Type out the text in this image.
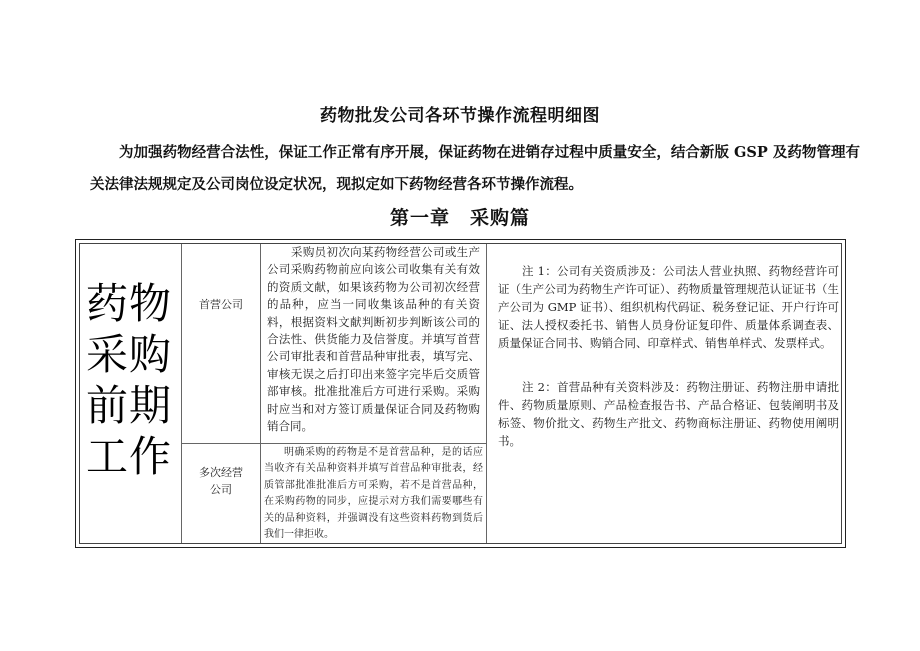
药物批发公司各环节操作流程明细图
为加强药物经营合法性，保证工作正常有序开展，保证药物在进销存过程中质量安全，结合新版 GSP 及药物管理有关法律法规规定及公司岗位设定状况，现拟定如下药物经营各环节操作流程。
第一章　采购篇
药物采购前期工作
首营公司
采购员初次向某药物经营公司或生产公司采购药物前应向该公司收集有关有效的资质文献，如果该药物为公司初次经营的品种，应当一同收集该品种的有关资料，根据资料文献判断初步判断该公司的合法性、供货能力及信誉度。并填写首营公司审批表和首营品种审批表，填写完、审核无误之后打印出来签字完毕后交质管部审核。批准批准后方可进行采购。采购时应当和对方签订质量保证合同及药物购销合同。
多次经营公司
明确采购的药物是不是首营品种，是的话应当收齐有关品种资料并填写首营品种审批表，经质管部批准批准后方可采购，若不是首营品种，在采购药物的同步，应提示对方我们需要哪些有关的品种资料，并强调没有这些资料药物到货后我们一律拒收。
注 1：公司有关资质涉及：公司法人营业执照、药物经营许可证（生产公司为药物生产许可证）、药物质量管理规范认证证书（生产公司为 GMP 证书）、组织机构代码证、税务登记证、开户行许可证、法人授权委托书、销售人员身份证复印件、质量体系调查表、质量保证合同书、购销合同、印章样式、销售单样式、发票样式。
注 2：首营品种有关资料涉及：药物注册证、药物注册申请批件、药物质量原则、产品检查报告书、产品合格证、包装阐明书及标签、物价批文、药物生产批文、药物商标注册证、药物使用阐明书。
